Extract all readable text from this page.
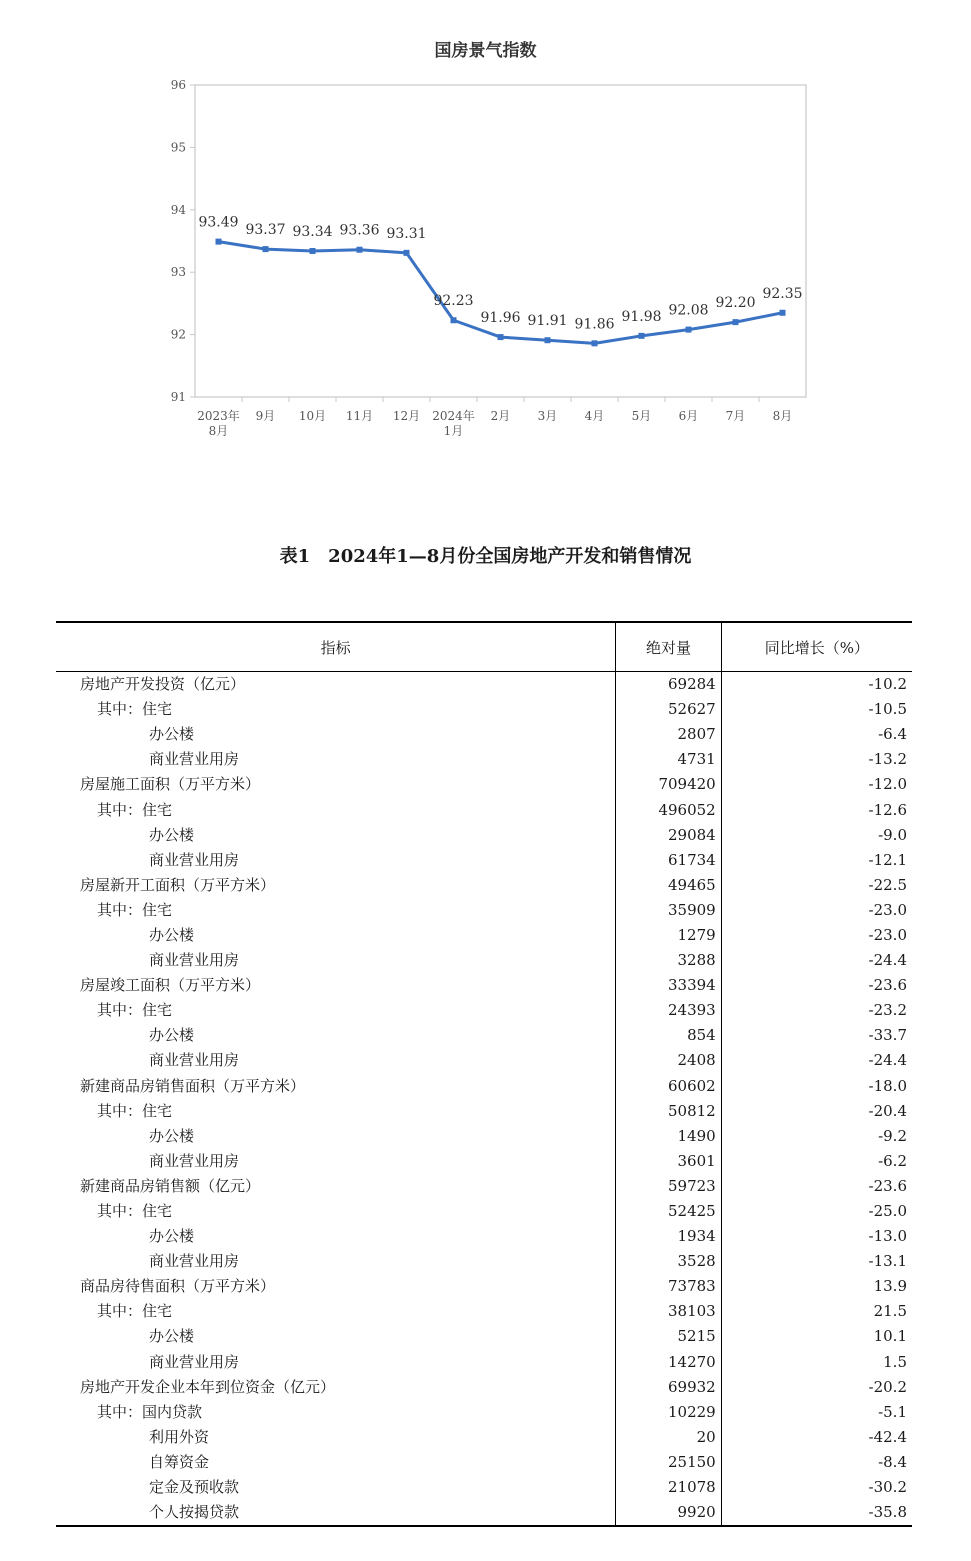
国房景气指数
91
92
93
94
95
96
2023年 8月
9月 10月 11月 12月 2024年 1月
2月 3月 4月 5月 6月 7月 8月
93.49 93.37 93.34 93.36 93.31
92.23
91.96 91.91 91.86 91.98 92.08 92.20
92.35
表1　2024年1—8月份全国房地产开发和销售情况
指标	绝对量	同比增长（%）
房地产开发投资（亿元）	69284	-10.2
其中：住宅	52627	-10.5
办公楼	2807	-6.4
商业营业用房	4731	-13.2
房屋施工面积（万平方米）	709420	-12.0
其中：住宅	496052	-12.6
办公楼	29084	-9.0
商业营业用房	61734	-12.1
房屋新开工面积（万平方米）	49465	-22.5
其中：住宅	35909	-23.0
办公楼	1279	-23.0
商业营业用房	3288	-24.4
房屋竣工面积（万平方米）	33394	-23.6
其中：住宅	24393	-23.2
办公楼	854	-33.7
商业营业用房	2408	-24.4
新建商品房销售面积（万平方米）	60602	-18.0
其中：住宅	50812	-20.4
办公楼	1490	-9.2
商业营业用房	3601	-6.2
新建商品房销售额（亿元）	59723	-23.6
其中：住宅	52425	-25.0
办公楼	1934	-13.0
商业营业用房	3528	-13.1
商品房待售面积（万平方米）	73783	13.9
其中：住宅	38103	21.5
办公楼	5215	10.1
商业营业用房	14270	1.5
房地产开发企业本年到位资金（亿元）	69932	-20.2
其中：国内贷款	10229	-5.1
利用外资	20	-42.4
自筹资金	25150	-8.4
定金及预收款	21078	-30.2
个人按揭贷款	9920	-35.8
